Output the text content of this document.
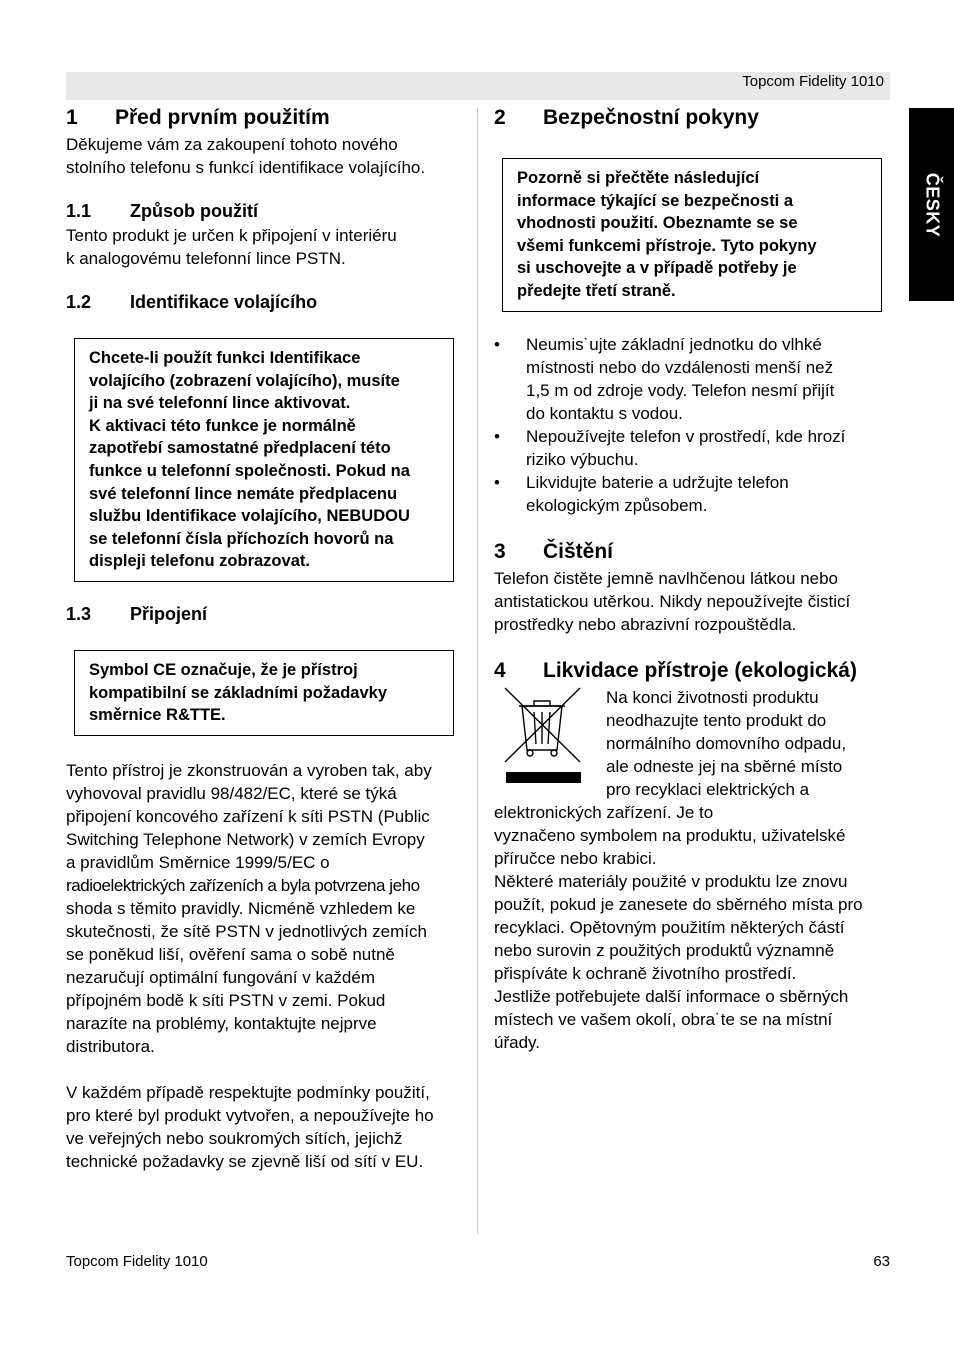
Topcom Fidelity 1010
ČESKY
1	Před prvním použitím

Děkujeme vám za zakoupení tohoto nového

stolního telefonu s funkcí identifikace volajícího.

1.1	Způsob použití

Tento produkt je určen k připojení v interiéru

k analogovému telefonní lince PSTN.

1.2	Identifikace volajícího
Chcete-li použít funkci Identifikace
volajícího (zobrazení volajícího), musíte
ji na své telefonní lince aktivovat.
K aktivaci této funkce je normálně
zapotřebí samostatné předplacení této
funkce u telefonní společnosti. Pokud na
své telefonní lince nemáte předplacenu
službu Identifikace volajícího, NEBUDOU
se telefonní čísla příchozích hovorů na
displeji telefonu zobrazovat.
1.3	Připojení
Symbol CE označuje, že je přístroj
kompatibilní se základními požadavky
směrnice R&TTE.

Tento přístroj je zkonstruován a vyroben tak, aby

vyhovoval pravidlu 98/482/EC, které se týká

připojení koncového zařízení k síti PSTN (Public

Switching Telephone Network) v zemích Evropy

a pravidlům Směrnice 1999/5/EC o

radioelektrických zařízeních a byla potvrzena jeho

shoda s těmito pravidly. Nicméně vzhledem ke

skutečnosti, že sítě PSTN v jednotlivých zemích

se poněkud liší, ověření sama o sobě nutně

nezaručují optimální fungování v každém

přípojném bodě k síti PSTN v zemi. Pokud

narazíte na problémy, kontaktujte nejprve

distributora.

V každém případě respektujte podmínky použití,

pro které byl produkt vytvořen, a nepoužívejte ho

ve veřejných nebo soukromých sítích, jejichž

technické požadavky se zjevně liší od sítí v EU.

2	Bezpečnostní pokyny
Pozorně si přečtěte následující
informace týkající se bezpečnosti a
vhodnosti použití. Obeznamte se se
všemi funkcemi přístroje. Tyto pokyny
si uschovejte a v případě potřeby je
předejte třetí straně.
• Neumis˙ujte základní jednotku do vlhké
místnosti nebo do vzdálenosti menší než
1,5 m od zdroje vody. Telefon nesmí přijít
do kontaktu s vodou.
• Nepoužívejte telefon v prostředí, kde hrozí
riziko výbuchu.
• Likvidujte baterie a udržujte telefon
ekologickým způsobem.
3	Čištění

Telefon čistěte jemně navlhčenou látkou nebo

antistatickou utěrkou. Nikdy nepoužívejte čisticí

prostředky nebo abrazivní rozpouštědla.

4	Likvidace přístroje (ekologická)

Na konci životnosti produktu

neodhazujte tento produkt do

normálního domovního odpadu,

ale odneste jej na sběrné místo

pro recyklaci elektrických a

elektronických zařízení. Je to

vyznačeno symbolem na produktu, uživatelské

příručce nebo krabici.

Některé materiály použité v produktu lze znovu

použít, pokud je zanesete do sběrného místa pro

recyklaci. Opětovným použitím některých částí

nebo surovin z použitých produktů významně

přispíváte k ochraně životního prostředí.

Jestliže potřebujete další informace o sběrných

místech ve vašem okolí, obra˙te se na místní

úřady.

Topcom Fidelity 1010	63
